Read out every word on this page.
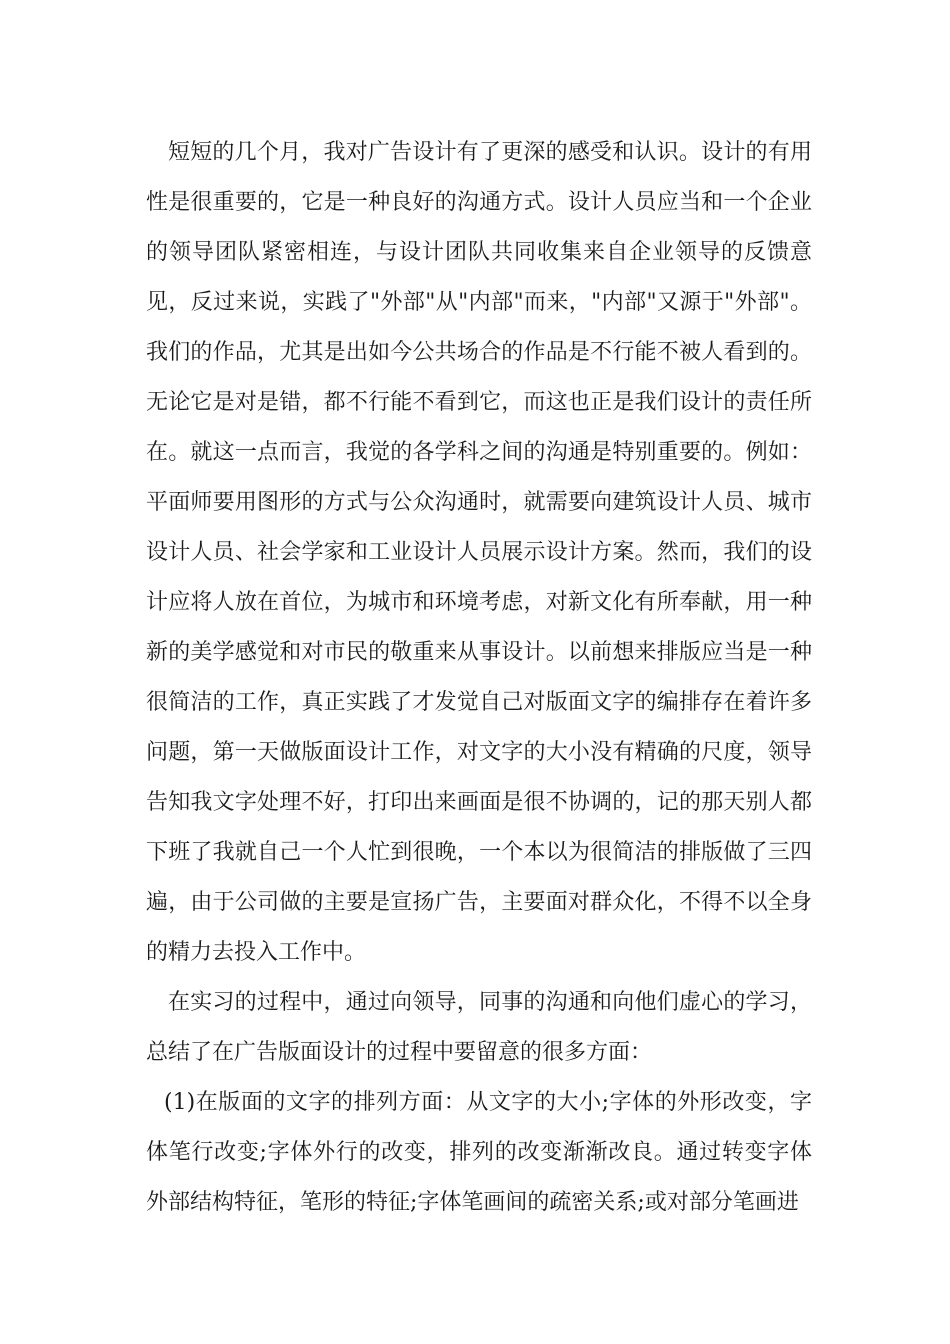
短短的几个月，我对广告设计有了更深的感受和认识。设计的有用性是很重要的，它是一种良好的沟通方式。设计人员应当和一个企业的领导团队紧密相连，与设计团队共同收集来自企业领导的反馈意见，反过来说，实践了"外部"从"内部"而来，"内部"又源于"外部"。我们的作品，尤其是出如今公共场合的作品是不行能不被人看到的。无论它是对是错，都不行能不看到它，而这也正是我们设计的责任所在。就这一点而言，我觉的各学科之间的沟通是特别重要的。例如：平面师要用图形的方式与公众沟通时，就需要向建筑设计人员、城市设计人员、社会学家和工业设计人员展示设计方案。然而，我们的设计应将人放在首位，为城市和环境考虑，对新文化有所奉献，用一种新的美学感觉和对市民的敬重来从事设计。以前想来排版应当是一种很简洁的工作，真正实践了才发觉自己对版面文字的编排存在着许多问题，第一天做版面设计工作，对文字的大小没有精确的尺度，领导告知我文字处理不好，打印出来画面是很不协调的，记的那天别人都下班了我就自己一个人忙到很晚，一个本以为很简洁的排版做了三四遍，由于公司做的主要是宣扬广告，主要面对群众化，不得不以全身的精力去投入工作中。

在实习的过程中，通过向领导，同事的沟通和向他们虚心的学习，总结了在广告版面设计的过程中要留意的很多方面：

(1)在版面的文字的排列方面：从文字的大小;字体的外形改变，字体笔行改变;字体外行的改变，排列的改变渐渐改良。通过转变字体外部结构特征，笔形的特征;字体笔画间的疏密关系;或对部分笔画进
